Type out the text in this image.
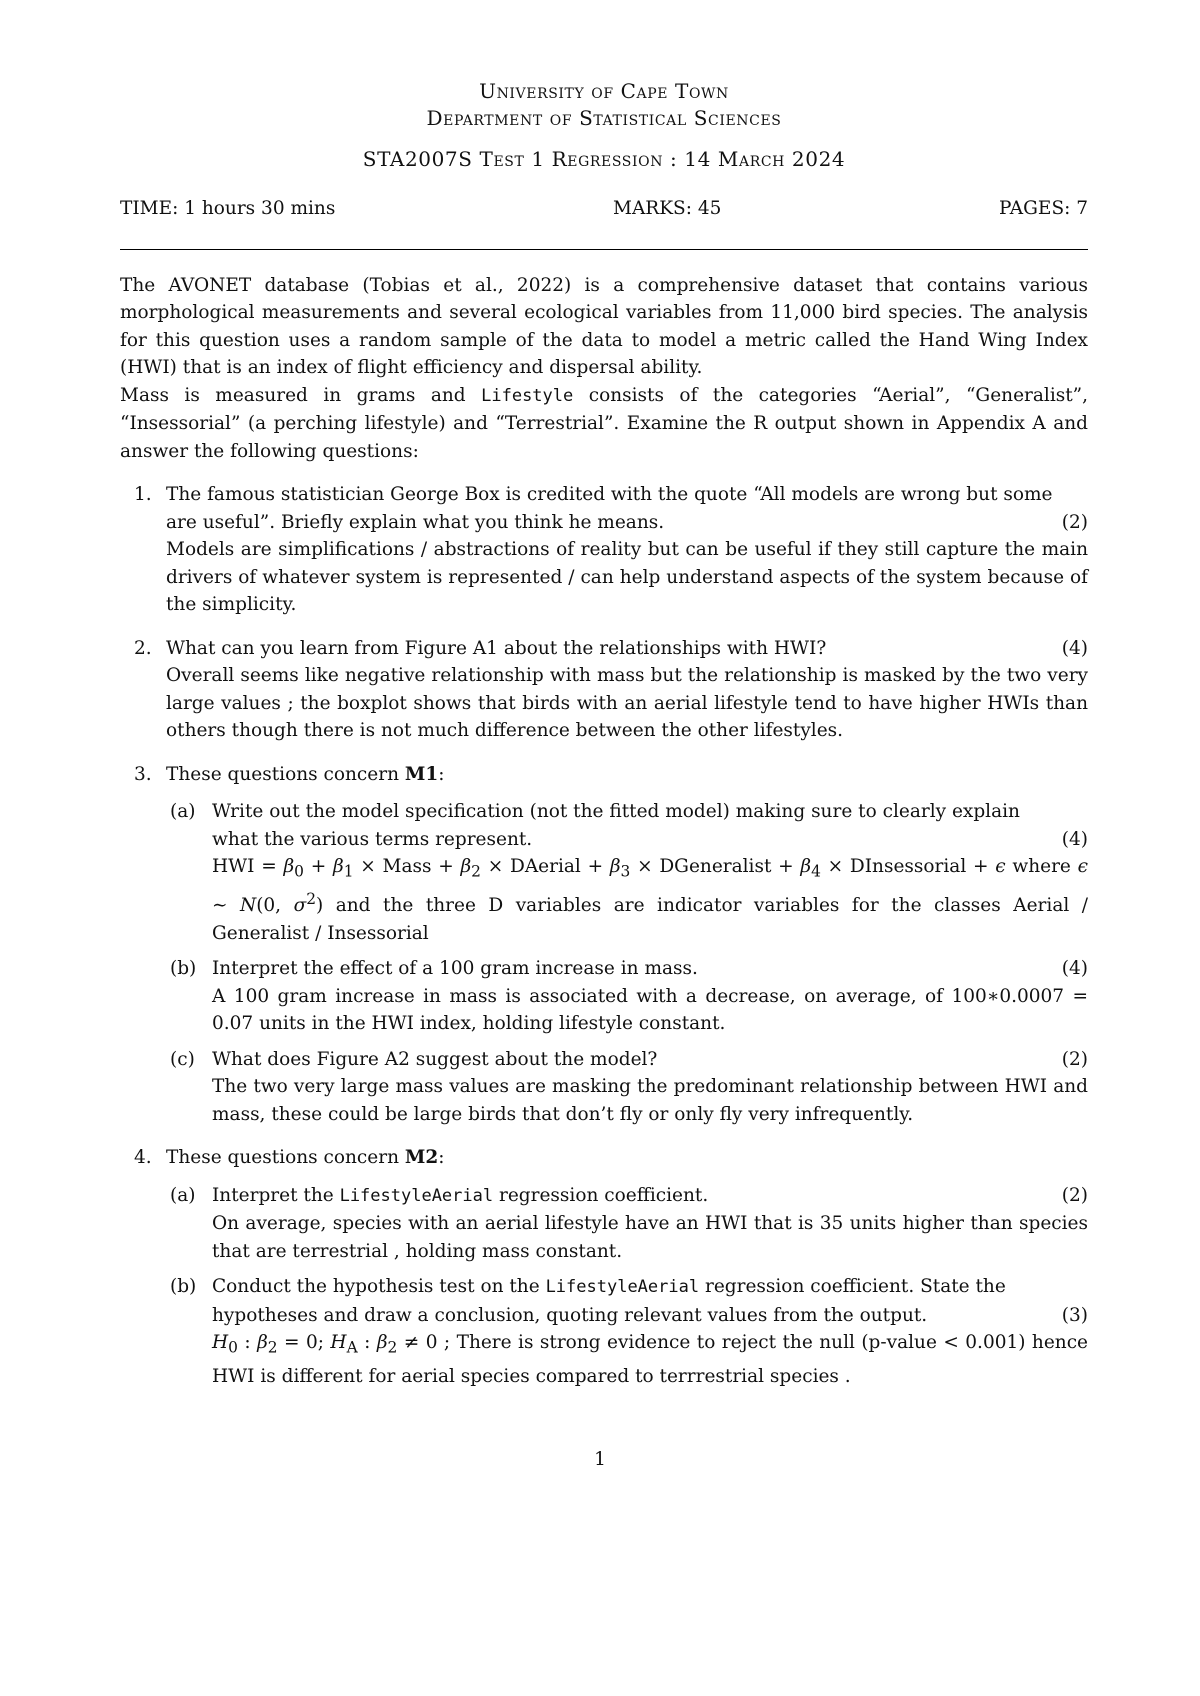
University of Cape Town
Department of Statistical Sciences
STA2007S Test 1 Regression : 14 March 2024
TIME: 1 hours 30 mins	MARKS: 45	PAGES: 7

The AVONET database (Tobias et al., 2022) is a comprehensive dataset that contains various morphological measurements and several ecological variables from 11,000 bird species. The analysis for this question uses a random sample of the data to model a metric called the Hand Wing Index (HWI) that is an index of flight efficiency and dispersal ability.

Mass is measured in grams and Lifestyle consists of the categories “Aerial”, “Generalist”, “Insessorial” (a perching lifestyle) and “Terrestrial”. Examine the R output shown in Appendix A and answer the following questions:

1. The famous statistician George Box is credited with the quote “All models are wrong but some
are useful”. Briefly explain what you think he means.	(2)
Models are simplifications / abstractions of reality but can be useful if they still capture the main drivers of whatever system is represented / can help understand aspects of the system because of the simplicity.
2. What can you learn from Figure A1 about the relationships with HWI?	(4)
Overall seems like negative relationship with mass but the relationship is masked by the two very large values ; the boxplot shows that birds with an aerial lifestyle tend to have higher HWIs than others though there is not much difference between the other lifestyles.
3. These questions concern M1:
(a) Write out the model specification (not the fitted model) making sure to clearly explain
what the various terms represent.	(4)
HWI = $\beta_0 + \beta_1$ × Mass + $\beta_2$ × DAerial + $\beta_3$ × DGeneralist + $\beta_4$ × DInsessorial + ϵ where ϵ ∼ N(0, $\sigma^2$) and the three D variables are indicator variables for the classes Aerial / Generalist / Insessorial
(b) Interpret the effect of a 100 gram increase in mass.	(4)
A 100 gram increase in mass is associated with a decrease, on average, of 100∗0.0007 = 0.07 units in the HWI index, holding lifestyle constant.
(c) What does Figure A2 suggest about the model?	(2)
The two very large mass values are masking the predominant relationship between HWI and mass, these could be large birds that don’t fly or only fly very infrequently.
4. These questions concern M2:
(a) Interpret the LifestyleAerial regression coefficient.	(2)
On average, species with an aerial lifestyle have an HWI that is 35 units higher than species that are terrestrial , holding mass constant.
(b) Conduct the hypothesis test on the LifestyleAerial regression coefficient. State the
hypotheses and draw a conclusion, quoting relevant values from the output.	(3)
$H_0$ : $\beta_2 = 0$; $H_A$ : $\beta_2 \ne 0$ ; There is strong evidence to reject the null (p-value < 0.001) hence HWI is different for aerial species compared to terrrestrial species .
1
